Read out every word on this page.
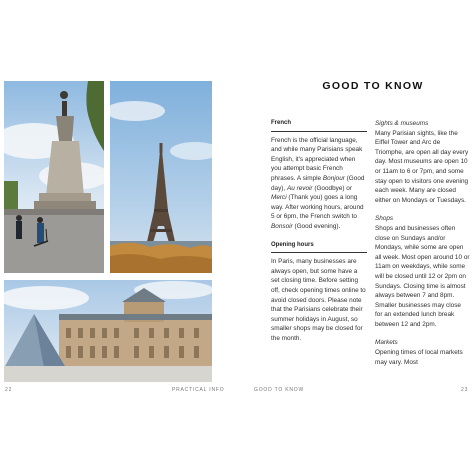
22	PRACTICAL INFO
GOOD TO KNOW
French

French is the official language, and while many Parisians speak English, it's appreciated when you attempt basic French phrases. A simple Bonjour (Good day), Au revoir (Goodbye) or Merci (Thank you) goes a long way. After working hours, around 5 or 6pm, the French switch to Bonsoir (Good evening).

Opening hours

In Paris, many businesses are always open, but some have a set closing time. Before setting off, check opening times online to avoid closed doors. Please note that the Parisians celebrate their summer holidays in August, so smaller shops may be closed for the month.

Sights & museums

Many Parisian sights, like the Eiffel Tower and Arc de Triomphe, are open all day every day. Most museums are open 10 or 11am to 6 or 7pm, and some stay open to visitors one evening each week. Many are closed either on Mondays or Tuesdays.

Shops

Shops and businesses often close on Sundays and/or Mondays, while some are open all week. Most open around 10 or 11am on weekdays, while some will be closed until 12 or 2pm on Sundays. Closing time is almost always between 7 and 8pm. Smaller businesses may close for an extended lunch break between 12 and 2pm.

Markets

Opening times of local markets may vary. Most

GOOD TO KNOW	23
